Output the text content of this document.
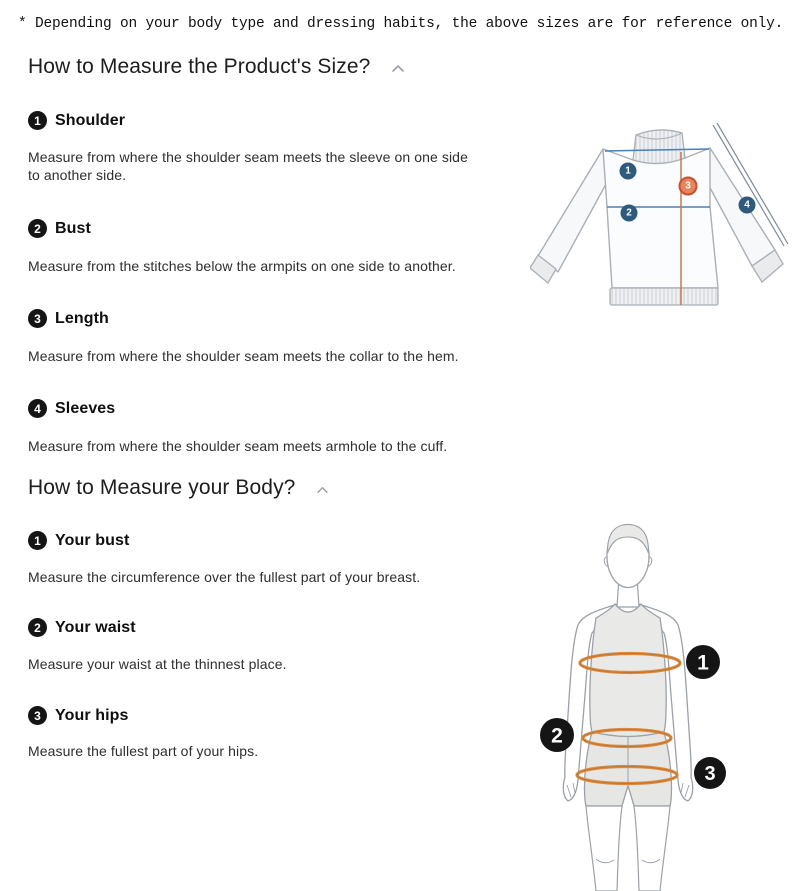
* Depending on your body type and dressing habits, the above sizes are for reference only.
How to Measure the Product's Size?
1 Shoulder

Measure from where the shoulder seam meets the sleeve on one side to another side.

2 Bust

Measure from the stitches below the armpits on one side to another.

3 Length

Measure from where the shoulder seam meets the collar to the hem.

4 Sleeves

Measure from where the shoulder seam meets armhole to the cuff.

How to Measure your Body?
1 Your bust

Measure the circumference over the fullest part of your breast.

2 Your waist

Measure your waist at the thinnest place.

3 Your hips

Measure the fullest part of your hips.

1
2
3
4
1
2
3
